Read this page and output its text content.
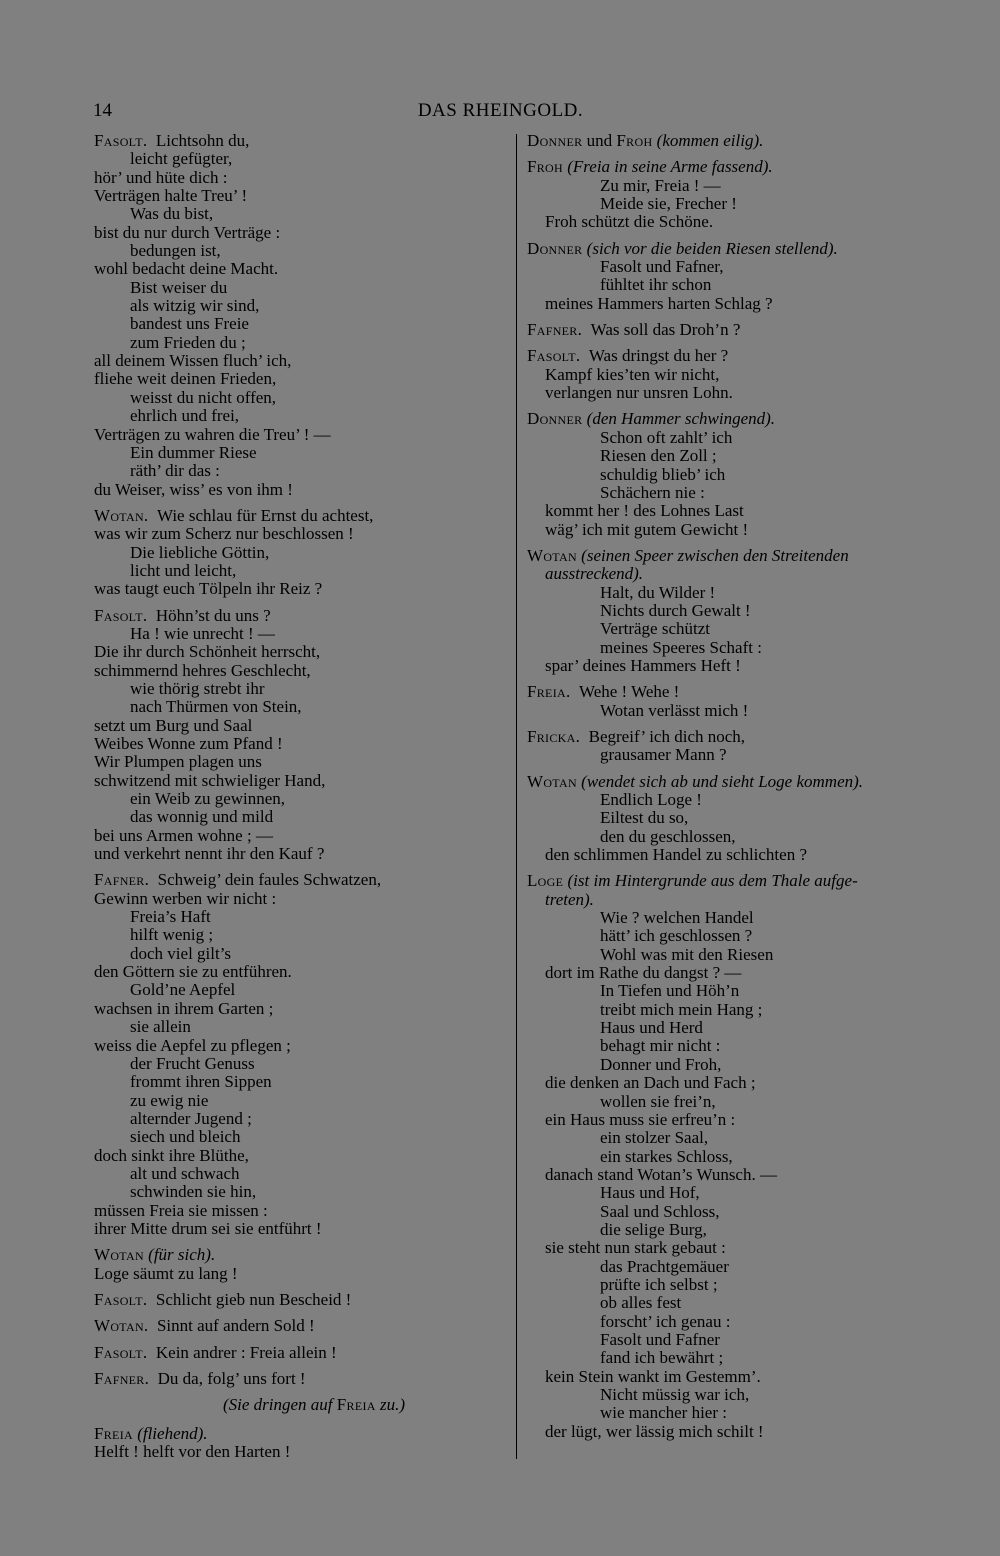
14	DAS RHEINGOLD.
Fasolt. Lichtsohn du,
leicht gefügter,
hör’ und hüte dich :
Verträgen halte Treu’ !
Was du bist,
bist du nur durch Verträge :
bedungen ist,
wohl bedacht deine Macht.
Bist weiser du
als witzig wir sind,
bandest uns Freie
zum Frieden du ;
all deinem Wissen fluch’ ich,
fliehe weit deinen Frieden,
weisst du nicht offen,
ehrlich und frei,
Verträgen zu wahren die Treu’ ! —
Ein dummer Riese
räth’ dir das :
du Weiser, wiss’ es von ihm !
Wotan. Wie schlau für Ernst du achtest,
was wir zum Scherz nur beschlossen !
Die liebliche Göttin,
licht und leicht,
was taugt euch Tölpeln ihr Reiz ?
Fasolt. Höhn’st du uns ?
Ha ! wie unrecht ! —
Die ihr durch Schönheit herrscht,
schimmernd hehres Geschlecht,
wie thörig strebt ihr
nach Thürmen von Stein,
setzt um Burg und Saal
Weibes Wonne zum Pfand !
Wir Plumpen plagen uns
schwitzend mit schwieliger Hand,
ein Weib zu gewinnen,
das wonnig und mild
bei uns Armen wohne ; —
und verkehrt nennt ihr den Kauf ?
Fafner. Schweig’ dein faules Schwatzen,
Gewinn werben wir nicht :
Freia’s Haft
hilft wenig ;
doch viel gilt’s
den Göttern sie zu entführen.
Gold’ne Aepfel
wachsen in ihrem Garten ;
sie allein
weiss die Aepfel zu pflegen ;
der Frucht Genuss
frommt ihren Sippen
zu ewig nie
alternder Jugend ;
siech und bleich
doch sinkt ihre Blüthe,
alt und schwach
schwinden sie hin,
müssen Freia sie missen :
ihrer Mitte drum sei sie entführt !
Wotan (für sich).
Loge säumt zu lang !
Fasolt. Schlicht gieb nun Bescheid !
Wotan. Sinnt auf andern Sold !
Fasolt. Kein andrer : Freia allein !
Fafner. Du da, folg’ uns fort !
(Sie dringen auf Freia zu.)
Freia (fliehend).
Helft ! helft vor den Harten !
Donner und Froh (kommen eilig).
Froh (Freia in seine Arme fassend).
Zu mir, Freia ! —
Meide sie, Frecher !
Froh schützt die Schöne.
Donner (sich vor die beiden Riesen stellend).
Fasolt und Fafner,
fühltet ihr schon
meines Hammers harten Schlag ?
Fafner. Was soll das Droh’n ?
Fasolt. Was dringst du her ?
Kampf kies’ten wir nicht,
verlangen nur unsren Lohn.
Donner (den Hammer schwingend).
Schon oft zahlt’ ich
Riesen den Zoll ;
schuldig blieb’ ich
Schächern nie :
kommt her ! des Lohnes Last
wäg’ ich mit gutem Gewicht !
Wotan (seinen Speer zwischen den Streitenden
ausstreckend).
Halt, du Wilder !
Nichts durch Gewalt !
Verträge schützt
meines Speeres Schaft :
spar’ deines Hammers Heft !
Freia. Wehe ! Wehe !
Wotan verlässt mich !
Fricka. Begreif’ ich dich noch,
grausamer Mann ?
Wotan (wendet sich ab und sieht Loge kommen).
Endlich Loge !
Eiltest du so,
den du geschlossen,
den schlimmen Handel zu schlichten ?
Loge (ist im Hintergrunde aus dem Thale aufge-
treten).
Wie ? welchen Handel
hätt’ ich geschlossen ?
Wohl was mit den Riesen
dort im Rathe du dangst ? —
In Tiefen und Höh’n
treibt mich mein Hang ;
Haus und Herd
behagt mir nicht :
Donner und Froh,
die denken an Dach und Fach ;
wollen sie frei’n,
ein Haus muss sie erfreu’n :
ein stolzer Saal,
ein starkes Schloss,
danach stand Wotan’s Wunsch. —
Haus und Hof,
Saal und Schloss,
die selige Burg,
sie steht nun stark gebaut :
das Prachtgemäuer
prüfte ich selbst ;
ob alles fest
forscht’ ich genau :
Fasolt und Fafner
fand ich bewährt ;
kein Stein wankt im Gestemm’.
Nicht müssig war ich,
wie mancher hier :
der lügt, wer lässig mich schilt !
